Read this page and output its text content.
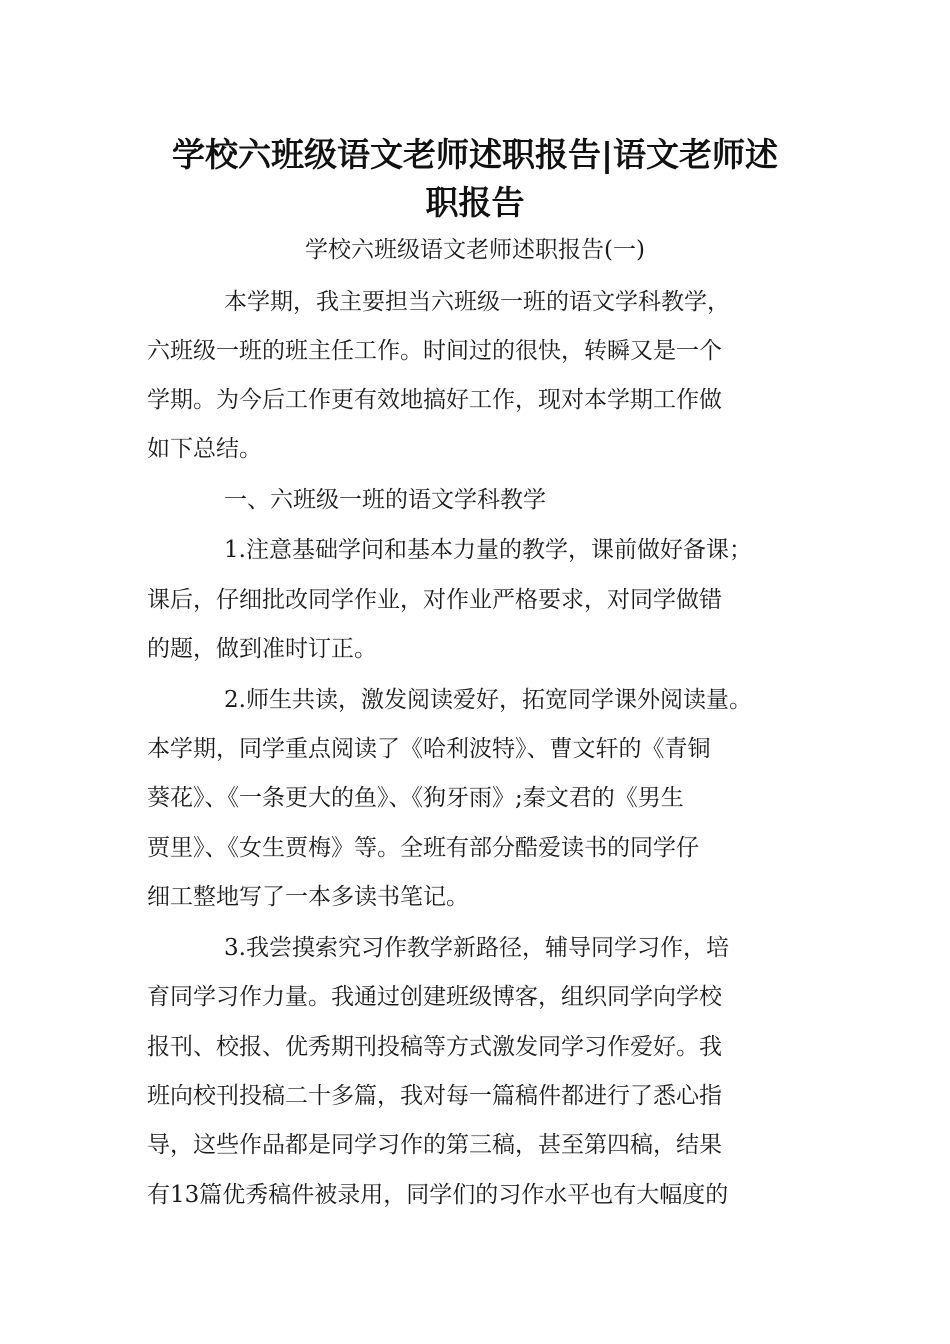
学校六班级语文老师述职报告|语文老师述
职报告
学校六班级语文老师述职报告(一)
本学期，我主要担当六班级一班的语文学科教学，
六班级一班的班主任工作。时间过的很快，转瞬又是一个
学期。为今后工作更有效地搞好工作，现对本学期工作做
如下总结。
一、六班级一班的语文学科教学
1.注意基础学问和基本力量的教学，课前做好备课；
课后，仔细批改同学作业，对作业严格要求，对同学做错
的题，做到准时订正。
2.师生共读，激发阅读爱好，拓宽同学课外阅读量。
本学期，同学重点阅读了《哈利波特》、曹文轩的《青铜
葵花》、《一条更大的鱼》、《狗牙雨》;秦文君的《男生
贾里》、《女生贾梅》等。全班有部分酷爱读书的同学仔
细工整地写了一本多读书笔记。
3.我尝摸索究习作教学新路径，辅导同学习作，培
育同学习作力量。我通过创建班级博客，组织同学向学校
报刊、校报、优秀期刊投稿等方式激发同学习作爱好。我
班向校刊投稿二十多篇，我对每一篇稿件都进行了悉心指
导，这些作品都是同学习作的第三稿，甚至第四稿，结果
有13篇优秀稿件被录用，同学们的习作水平也有大幅度的
